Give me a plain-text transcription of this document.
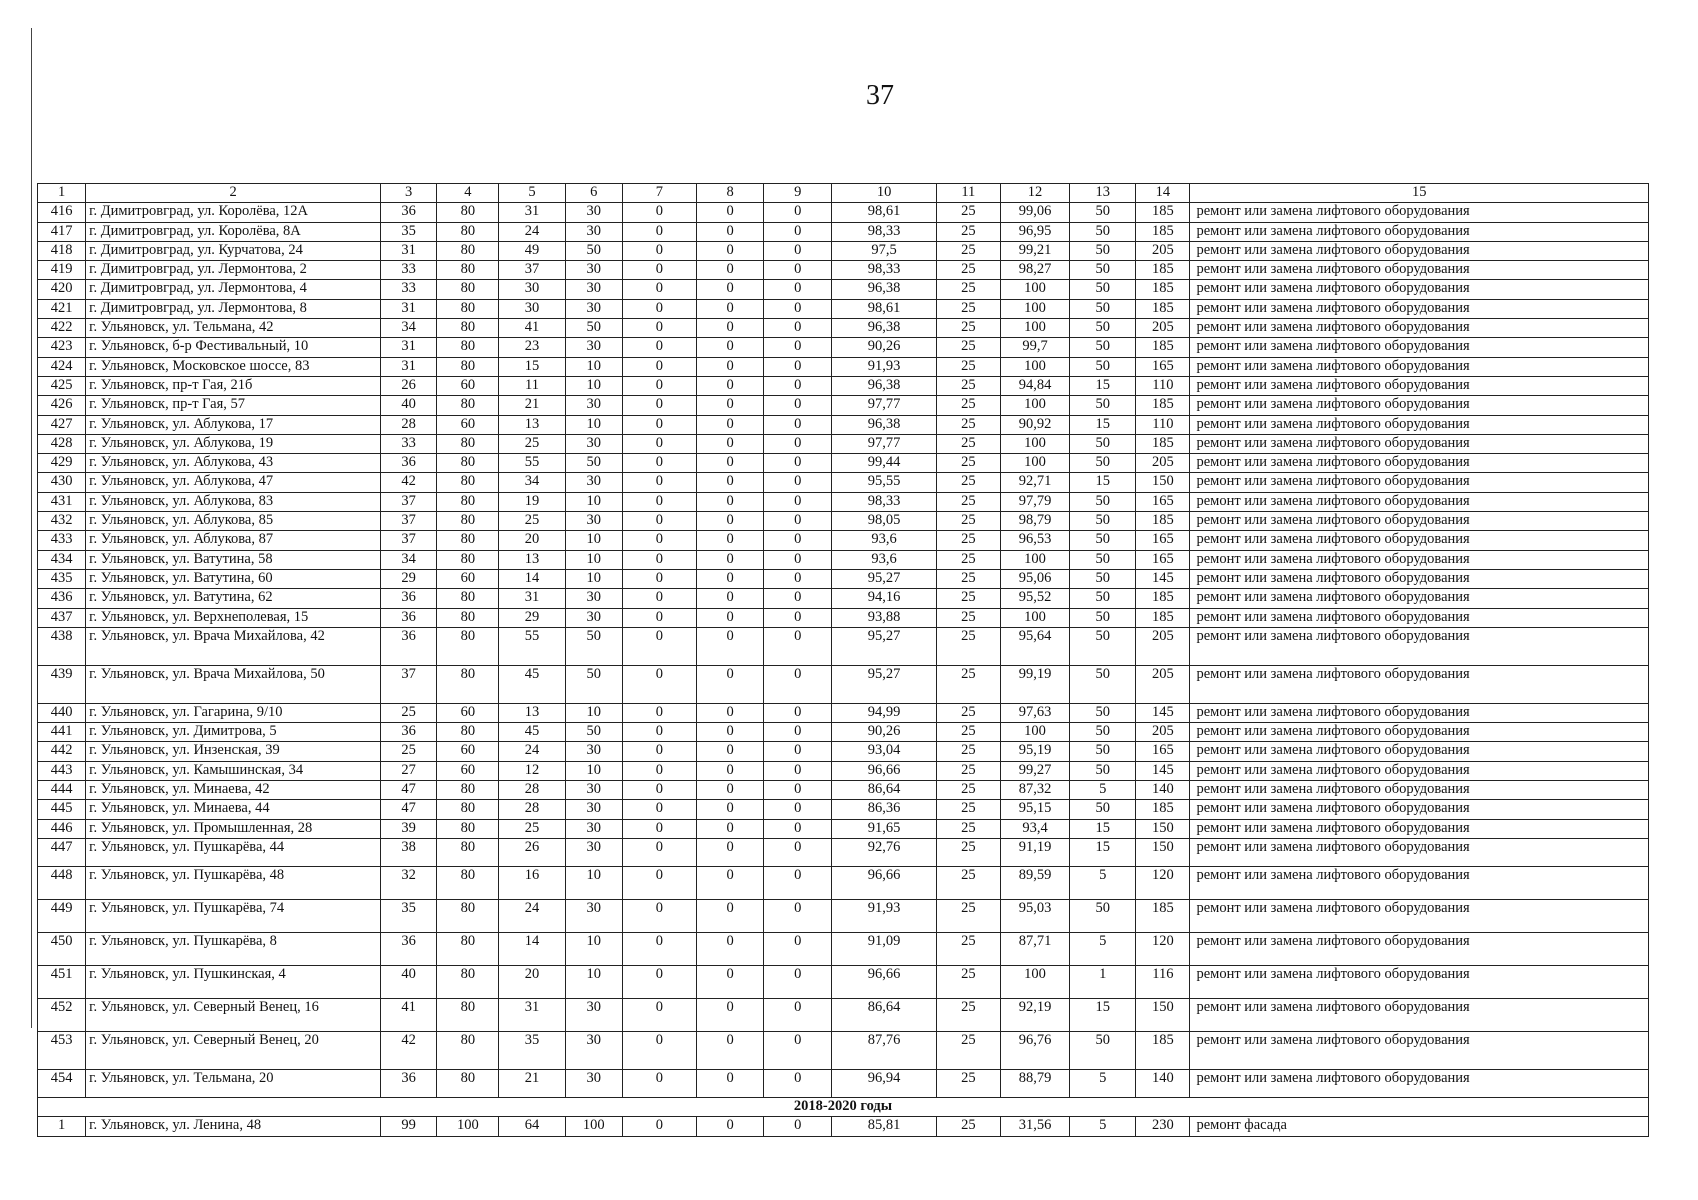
37
1	2	3	4	5	6	7	8	9	10	11	12	13	14	15
416	г. Димитровград, ул. Королёва, 12А	36	80	31	30	0	0	0	98,61	25	99,06	50	185	ремонт или замена лифтового оборудования
417	г. Димитровград, ул. Королёва, 8А	35	80	24	30	0	0	0	98,33	25	96,95	50	185	ремонт или замена лифтового оборудования
418	г. Димитровград, ул. Курчатова, 24	31	80	49	50	0	0	0	97,5	25	99,21	50	205	ремонт или замена лифтового оборудования
419	г. Димитровград, ул. Лермонтова, 2	33	80	37	30	0	0	0	98,33	25	98,27	50	185	ремонт или замена лифтового оборудования
420	г. Димитровград, ул. Лермонтова, 4	33	80	30	30	0	0	0	96,38	25	100	50	185	ремонт или замена лифтового оборудования
421	г. Димитровград, ул. Лермонтова, 8	31	80	30	30	0	0	0	98,61	25	100	50	185	ремонт или замена лифтового оборудования
422	г. Ульяновск, ул. Тельмана, 42	34	80	41	50	0	0	0	96,38	25	100	50	205	ремонт или замена лифтового оборудования
423	г. Ульяновск, б-р Фестивальный, 10	31	80	23	30	0	0	0	90,26	25	99,7	50	185	ремонт или замена лифтового оборудования
424	г. Ульяновск, Московское шоссе, 83	31	80	15	10	0	0	0	91,93	25	100	50	165	ремонт или замена лифтового оборудования
425	г. Ульяновск, пр-т Гая, 21б	26	60	11	10	0	0	0	96,38	25	94,84	15	110	ремонт или замена лифтового оборудования
426	г. Ульяновск, пр-т Гая, 57	40	80	21	30	0	0	0	97,77	25	100	50	185	ремонт или замена лифтового оборудования
427	г. Ульяновск, ул. Аблукова, 17	28	60	13	10	0	0	0	96,38	25	90,92	15	110	ремонт или замена лифтового оборудования
428	г. Ульяновск, ул. Аблукова, 19	33	80	25	30	0	0	0	97,77	25	100	50	185	ремонт или замена лифтового оборудования
429	г. Ульяновск, ул. Аблукова, 43	36	80	55	50	0	0	0	99,44	25	100	50	205	ремонт или замена лифтового оборудования
430	г. Ульяновск, ул. Аблукова, 47	42	80	34	30	0	0	0	95,55	25	92,71	15	150	ремонт или замена лифтового оборудования
431	г. Ульяновск, ул. Аблукова, 83	37	80	19	10	0	0	0	98,33	25	97,79	50	165	ремонт или замена лифтового оборудования
432	г. Ульяновск, ул. Аблукова, 85	37	80	25	30	0	0	0	98,05	25	98,79	50	185	ремонт или замена лифтового оборудования
433	г. Ульяновск, ул. Аблукова, 87	37	80	20	10	0	0	0	93,6	25	96,53	50	165	ремонт или замена лифтового оборудования
434	г. Ульяновск, ул. Ватутина, 58	34	80	13	10	0	0	0	93,6	25	100	50	165	ремонт или замена лифтового оборудования
435	г. Ульяновск, ул. Ватутина, 60	29	60	14	10	0	0	0	95,27	25	95,06	50	145	ремонт или замена лифтового оборудования
436	г. Ульяновск, ул. Ватутина, 62	36	80	31	30	0	0	0	94,16	25	95,52	50	185	ремонт или замена лифтового оборудования
437	г. Ульяновск, ул. Верхнеполевая, 15	36	80	29	30	0	0	0	93,88	25	100	50	185	ремонт или замена лифтового оборудования
438	г. Ульяновск, ул. Врача Михайлова, 42	36	80	55	50	0	0	0	95,27	25	95,64	50	205	ремонт или замена лифтового оборудования
439	г. Ульяновск, ул. Врача Михайлова, 50	37	80	45	50	0	0	0	95,27	25	99,19	50	205	ремонт или замена лифтового оборудования
440	г. Ульяновск, ул. Гагарина, 9/10	25	60	13	10	0	0	0	94,99	25	97,63	50	145	ремонт или замена лифтового оборудования
441	г. Ульяновск, ул. Димитрова, 5	36	80	45	50	0	0	0	90,26	25	100	50	205	ремонт или замена лифтового оборудования
442	г. Ульяновск, ул. Инзенская, 39	25	60	24	30	0	0	0	93,04	25	95,19	50	165	ремонт или замена лифтового оборудования
443	г. Ульяновск, ул. Камышинская, 34	27	60	12	10	0	0	0	96,66	25	99,27	50	145	ремонт или замена лифтового оборудования
444	г. Ульяновск, ул. Минаева, 42	47	80	28	30	0	0	0	86,64	25	87,32	5	140	ремонт или замена лифтового оборудования
445	г. Ульяновск, ул. Минаева, 44	47	80	28	30	0	0	0	86,36	25	95,15	50	185	ремонт или замена лифтового оборудования
446	г. Ульяновск, ул. Промышленная, 28	39	80	25	30	0	0	0	91,65	25	93,4	15	150	ремонт или замена лифтового оборудования
447	г. Ульяновск, ул. Пушкарёва, 44	38	80	26	30	0	0	0	92,76	25	91,19	15	150	ремонт или замена лифтового оборудования
448	г. Ульяновск, ул. Пушкарёва, 48	32	80	16	10	0	0	0	96,66	25	89,59	5	120	ремонт или замена лифтового оборудования
449	г. Ульяновск, ул. Пушкарёва, 74	35	80	24	30	0	0	0	91,93	25	95,03	50	185	ремонт или замена лифтового оборудования
450	г. Ульяновск, ул. Пушкарёва, 8	36	80	14	10	0	0	0	91,09	25	87,71	5	120	ремонт или замена лифтового оборудования
451	г. Ульяновск, ул. Пушкинская, 4	40	80	20	10	0	0	0	96,66	25	100	1	116	ремонт или замена лифтового оборудования
452	г. Ульяновск, ул. Северный Венец, 16	41	80	31	30	0	0	0	86,64	25	92,19	15	150	ремонт или замена лифтового оборудования
453	г. Ульяновск, ул. Северный Венец, 20	42	80	35	30	0	0	0	87,76	25	96,76	50	185	ремонт или замена лифтового оборудования
454	г. Ульяновск, ул. Тельмана, 20	36	80	21	30	0	0	0	96,94	25	88,79	5	140	ремонт или замена лифтового оборудования
2018-2020 годы														
1	г. Ульяновск, ул. Ленина, 48	99	100	64	100	0	0	0	85,81	25	31,56	5	230	ремонт фасада
